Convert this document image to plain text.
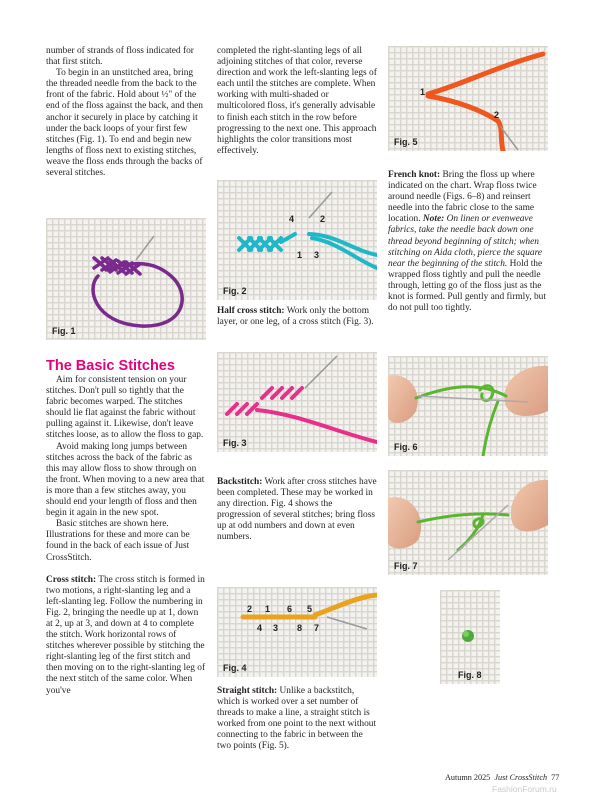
number of strands of floss indicated for that first stitch.

To begin in an unstitched area, bring the threaded needle from the back to the front of the fabric. Hold about ½" of the end of the floss against the back, and then anchor it securely in place by catching it under the back loops of your first few stitches (Fig. 1). To end and begin new lengths of floss next to existing stitches, weave the floss ends through the backs of several stitches.

Fig. 1
The Basic Stitches

Aim for consistent tension on your stitches. Don't pull so tightly that the fabric becomes warped. The stitches should lie flat against the fabric without pulling against it. Likewise, don't leave stitches loose, as to allow the floss to gap.

Avoid making long jumps between stitches across the back of the fabric as this may allow floss to show through on the front. When moving to a new area that is more than a few stitches away, you should end your length of floss and then begin it again in the new spot.

Basic stitches are shown here. Illustrations for these and more can be found in the back of each issue of Just CrossStitch.

Cross stitch: The cross stitch is formed in two motions, a right-slanting leg and a left-slanting leg. Follow the numbering in Fig. 2, bringing the needle up at 1, down at 2, up at 3, and down at 4 to complete the stitch. Work horizontal rows of stitches wherever possible by stitching the right-slanting leg of the first stitch and then moving on to the right-slanting leg of the next stitch of the same color. When you've

completed the right-slanting legs of all adjoining stitches of that color, reverse direction and work the left-slanting legs of each until the stitches are complete. When working with multi-shaded or multicolored floss, it's generally advisable to finish each stitch in the row before progressing to the next one. This approach highlights the color transitions most effectively.

4	2
1 3
Fig. 2

Half cross stitch: Work only the bottom layer, or one leg, of a cross stitch (Fig. 3).

Fig. 3

Backstitch: Work after cross stitches have been completed. These may be worked in any direction. Fig. 4 shows the progression of several stitches; bring floss up at odd numbers and down at even numbers.

2 1 6 5
4 3 8 7
Fig. 4

Straight stitch: Unlike a backstitch, which is worked over a set number of threads to make a line, a straight stitch is worked from one point to the next without connecting to the fabric in between the two points (Fig. 5).

1
2
Fig. 5

French knot: Bring the floss up where indicated on the chart. Wrap floss twice around needle (Figs. 6–8) and reinsert needle into the fabric close to the same location. Note: On linen or evenweave fabrics, take the needle back down one thread beyond beginning of stitch; when stitching on Aida cloth, pierce the square near the beginning of the stitch. Hold the wrapped floss tightly and pull the needle through, letting go of the floss just as the knot is formed. Pull gently and firmly, but do not pull too tightly.

Fig. 6
Fig. 7
Fig. 8
Autumn 2025 Just CrossStitch 77
FashionForum.ru
